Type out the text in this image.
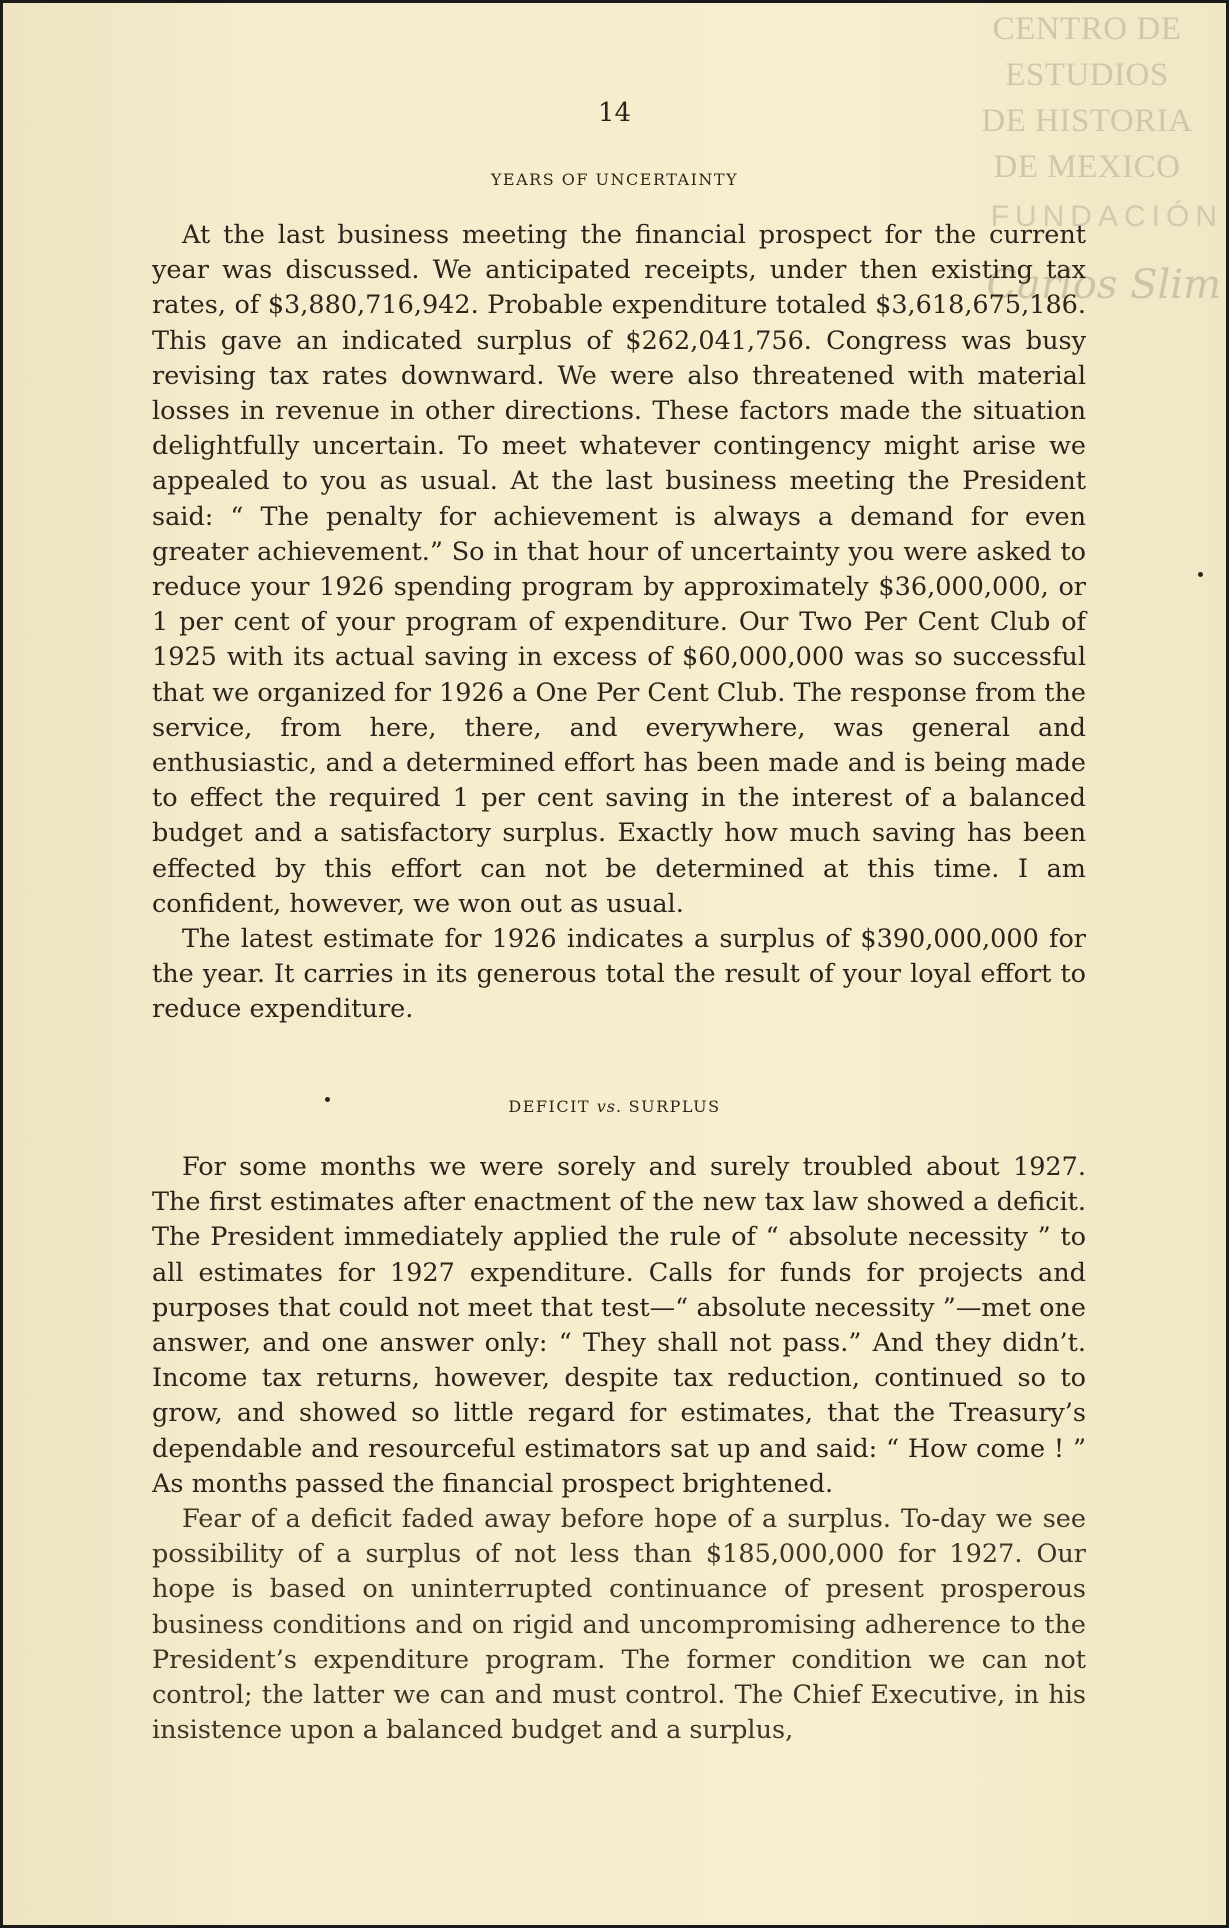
CENTRO DE
ESTUDIOS
DE HISTORIA
DE MEXICO
FUNDACIÓN
Carlos Slim
14
YEARS OF UNCERTAINTY

At the last business meeting the financial prospect for the current year was discussed. We anticipated receipts, under then existing tax rates, of $3,880,716,942. Probable expenditure totaled $3,618,675,186. This gave an indicated surplus of $262,041,756. Congress was busy revising tax rates downward. We were also threatened with material losses in revenue in other directions. These factors made the situation delightfully uncertain. To meet whatever contingency might arise we appealed to you as usual. At the last business meeting the President said: “ The penalty for achievement is always a demand for even greater achievement.” So in that hour of uncertainty you were asked to reduce your 1926 spending program by approximately $36,000,000, or 1 per cent of your program of expenditure. Our Two Per Cent Club of 1925 with its actual saving in excess of $60,000,000 was so successful that we organized for 1926 a One Per Cent Club. The response from the service, from here, there, and everywhere, was general and enthusiastic, and a determined effort has been made and is being made to effect the required 1 per cent saving in the interest of a balanced budget and a satisfactory surplus. Exactly how much saving has been effected by this effort can not be determined at this time. I am confident, however, we won out as usual.

The latest estimate for 1926 indicates a surplus of $390,000,000 for the year. It carries in its generous total the result of your loyal effort to reduce expenditure.

DEFICIT vs. SURPLUS

For some months we were sorely and surely troubled about 1927. The first estimates after enactment of the new tax law showed a deficit. The President immediately applied the rule of “ absolute necessity ” to all estimates for 1927 expenditure. Calls for funds for projects and purposes that could not meet that test—“ absolute necessity ”—met one answer, and one answer only: “ They shall not pass.” And they didn’t. Income tax returns, however, despite tax reduction, continued so to grow, and showed so little regard for estimates, that the Treasury’s dependable and resourceful estimators sat up and said: “ How come ! ” As months passed the financial prospect brightened.

Fear of a deficit faded away before hope of a surplus. To-day we see possibility of a surplus of not less than $185,000,000 for 1927. Our hope is based on uninterrupted continuance of present prosperous business conditions and on rigid and uncompromising adherence to the President’s expenditure program. The former condition we can not control; the latter we can and must control. The Chief Executive, in his insistence upon a balanced budget and a surplus,
